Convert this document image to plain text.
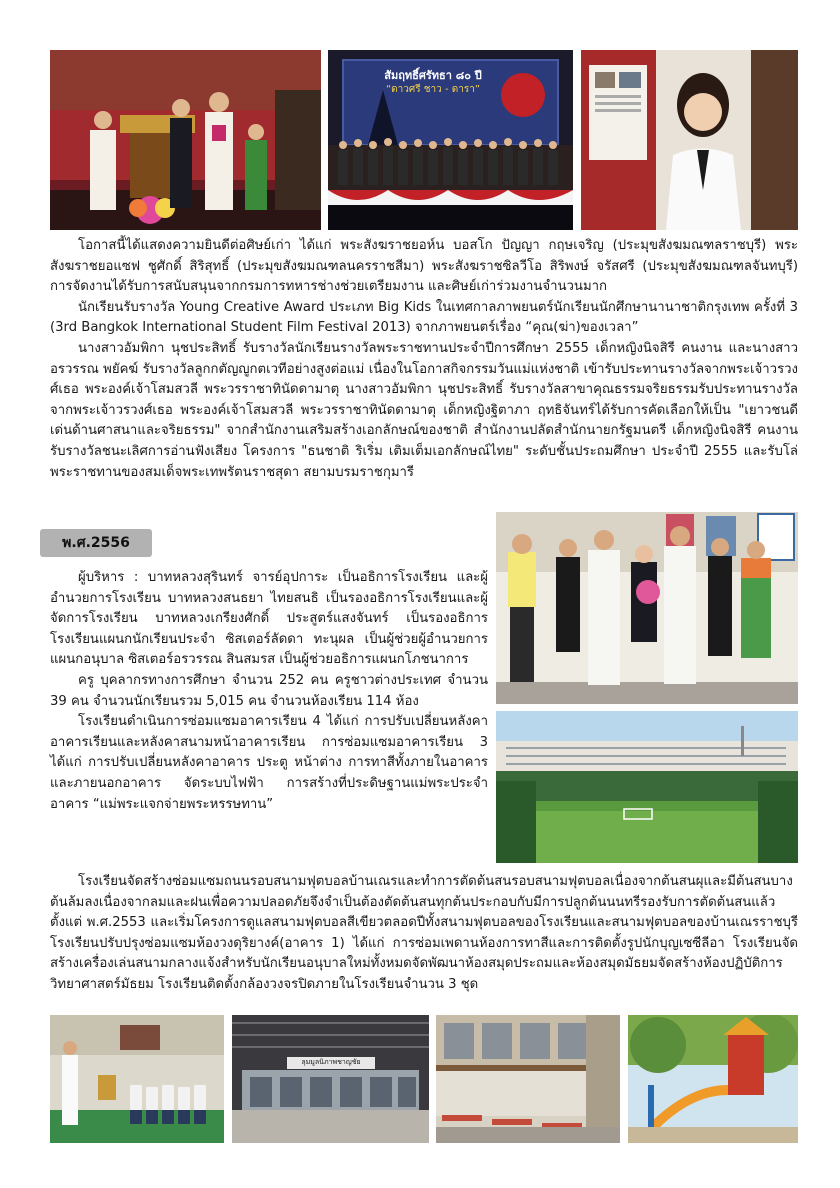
สัมฤทธิ์ศรัทธา ๘๐ ปี
“ดาวศรี ชาว - ดารา”

โอกาสนี้ได้แสดงความยินดีต่อศิษย์เก่า ได้แก่ พระสังฆราชยอห์น บอสโก ปัญญา กฤษเจริญ (ประมุขสังฆมณฑลราชบุรี) พระสังฆราชยอแซฟ ชูศักดิ์ สิริสุทธิ์ (ประมุขสังฆมณฑลนครราชสีมา) พระสังฆราชซิลวีโอ สิริพงษ์ จรัสศรี (ประมุขสังฆมณฑลจันทบุรี) การจัดงานได้รับการสนับสนุนจากกรมการทหารช่างช่วยเตรียมงาน และศิษย์เก่าร่วมงานจำนวนมาก

นักเรียนรับรางวัล Young Creative Award ประเภท Big Kids ในเทศกาลภาพยนตร์นักเรียนนักศึกษานานาชาติกรุงเทพ ครั้งที่ 3 (3rd Bangkok International Student Film Festival 2013) จากภาพยนตร์เรื่อง “คุณ(ฆ่า)ของเวลา”

นางสาวอัมพิกา นุชประสิทธิ์ รับรางวัลนักเรียนรางวัลพระราชทานประจำปีการศึกษา 2555 เด็กหญิงนิจสิรี คนงาน และนางสาวอรวรรณ พยัคฆ์ รับรางวัลลูกกตัญญูกตเวทีอย่างสูงต่อแม่ เนื่องในโอกาสกิจกรรมวันแม่แห่งชาติ เข้ารับประทานรางวัลจากพระเจ้าวรวงศ์เธอ พระองค์เจ้าโสมสวลี พระวรราชาทินัดดามาตุ นางสาวอัมพิกา นุชประสิทธิ์ รับรางวัลสาขาคุณธรรมจริยธรรมรับประทานรางวัลจากพระเจ้าวรวงศ์เธอ พระองค์เจ้าโสมสวลี พระวรราชาทินัดดามาตุ เด็กหญิงฐิตาภา ฤทธิจันทร์ได้รับการคัดเลือกให้เป็น "เยาวชนดีเด่นด้านศาสนาและจริยธรรม" จากสำนักงานเสริมสร้างเอกลักษณ์ของชาติ สำนักงานปลัดสำนักนายกรัฐมนตรี เด็กหญิงนิจสิรี คนงาน รับรางวัลชนะเลิศการอ่านฟังเสียง โครงการ "ธนชาติ ริเริ่ม เติมเต็มเอกลักษณ์ไทย" ระดับชั้นประถมศึกษา ประจำปี 2555 และรับโล่พระราชทานของสมเด็จพระเทพรัตนราชสุดา สยามบรมราชกุมารี

พ.ศ.2556

ผู้บริหาร : บาทหลวงสุรินทร์ จารย์อุปการะ เป็นอธิการโรงเรียน และผู้อำนวยการโรงเรียน บาทหลวงสนธยา ไทยสนธิ เป็นรองอธิการโรงเรียนและผู้จัดการโรงเรียน บาทหลวงเกรียงศักดิ์ ประสูตร์แสงจันทร์ เป็นรองอธิการโรงเรียนแผนกนักเรียนประจำ ซิสเตอร์ลัดดา ทะนุผล เป็นผู้ช่วยผู้อำนวยการแผนกอนุบาล ซิสเตอร์อรวรรณ สินสมรส เป็นผู้ช่วยอธิการแผนกโภชนาการ

ครู บุคลากรทางการศึกษา จำนวน 252 คน ครูชาวต่างประเทศ จำนวน 39 คน จำนวนนักเรียนรวม 5,015 คน จำนวนห้องเรียน 114 ห้อง

โรงเรียนดำเนินการซ่อมแซมอาคารเรียน 4 ได้แก่ การปรับเปลี่ยนหลังคาอาคารเรียนและหลังคาสนามหน้าอาคารเรียน การซ่อมแซมอาคารเรียน 3 ได้แก่ การปรับเปลี่ยนหลังคาอาคาร ประตู หน้าต่าง การทาสีทั้งภายในอาคารและภายนอกอาคาร จัดระบบไฟฟ้า การสร้างที่ประดิษฐานแม่พระประจำอาคาร “แม่พระแจกจ่ายพระหรรษทาน”

โรงเรียนจัดสร้างซ่อมแซมถนนรอบสนามฟุตบอลบ้านเณรและทำการตัดต้นสนรอบสนามฟุตบอลเนื่องจากต้นสนผุและมีต้นสนบางต้นล้มลงเนื่องจากลมและฝนเพื่อความปลอดภัยจึงจำเป็นต้องตัดต้นสนทุกต้นประกอบกับมีการปลูกต้นนนทรีรองรับการตัดต้นสนแล้วตั้งแต่ พ.ศ.2553 และเริ่มโครงการดูแลสนามฟุตบอลสีเขียวตลอดปีทั้งสนามฟุตบอลของโรงเรียนและสนามฟุตบอลของบ้านเณรราชบุรี โรงเรียนปรับปรุงซ่อมแซมห้องวงดุริยางค์(อาคาร 1) ได้แก่ การซ่อมเพดานห้องการทาสีและการติดตั้งรูปนักบุญเซซีลีอา โรงเรียนจัดสร้างเครื่องเล่นสนามกลางแจ้งสำหรับนักเรียนอนุบาลใหม่ทั้งหมดจัดพัฒนาห้องสมุดประถมและห้องสมุดมัธยมจัดสร้างห้องปฏิบัติการวิทยาศาสตร์มัธยม โรงเรียนติดตั้งกล้องวงจรปิดภายในโรงเรียนจำนวน 3 ชุด

ลุมมูลนิภาพชาญชัย
